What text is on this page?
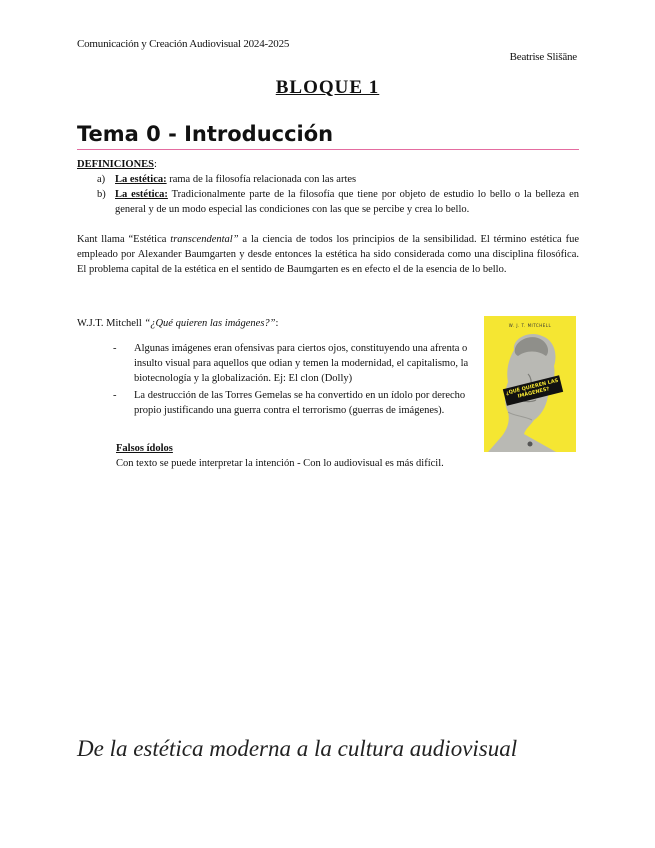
Comunicación y Creación Audiovisual 2024-2025
Beatrise Slišāne
BLOQUE 1
Tema 0 - Introducción
DEFINICIONES:
a) La estética: rama de la filosofía relacionada con las artes
b) La estética: Tradicionalmente parte de la filosofía que tiene por objeto de estudio lo bello o la belleza en general y de un modo especial las condiciones con las que se percibe y crea lo bello.
Kant llama “Estética transcendental” a la ciencia de todos los principios de la sensibilidad. El término estética fue empleado por Alexander Baumgarten y desde entonces la estética ha sido considerada como una disciplina filosófica. El problema capital de la estética en el sentido de Baumgarten es en efecto el de la esencia de lo bello.
W.J.T. Mitchell “¿Qué quieren las imágenes?”:
-	Algunas imágenes eran ofensivas para ciertos ojos, constituyendo una afrenta o insulto visual para aquellos que odian y temen la modernidad, el capitalismo, la biotecnología y la globalización. Ej: El clon (Dolly)
-	La destrucción de las Torres Gemelas se ha convertido en un ídolo por derecho propio justificando una guerra contra el terrorismo (guerras de imágenes).
Falsos ídolos
Con texto se puede interpretar la intención - Con lo audiovisual es más difícil.
W. J. T. MITCHELL
¿QUÉ QUIEREN LAS IMÁGENES?
De la estética moderna a la cultura audiovisual
